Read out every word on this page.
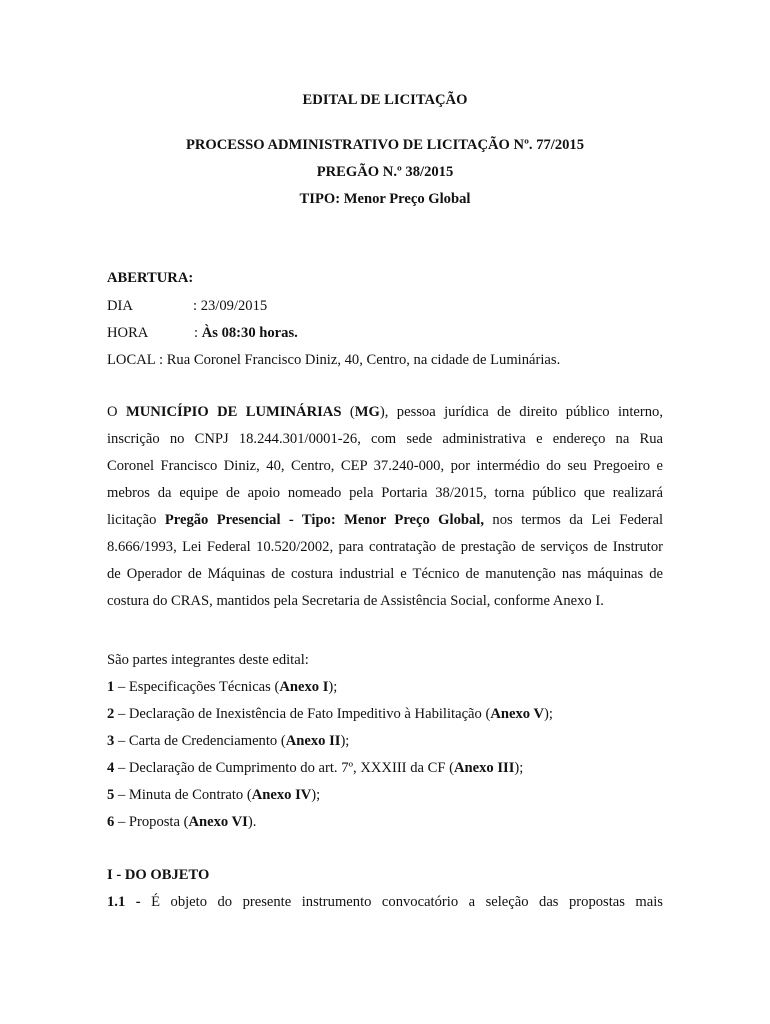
EDITAL DE LICITAÇÃO
PROCESSO ADMINISTRATIVO DE LICITAÇÃO Nº. 77/2015
PREGÃO N.º 38/2015
TIPO: Menor Preço Global
ABERTURA:
DIA	: 23/09/2015
HORA	: Às 08:30 horas.
LOCAL : Rua Coronel Francisco Diniz, 40, Centro, na cidade de Luminárias.
O MUNICÍPIO DE LUMINÁRIAS (MG), pessoa jurídica de direito público interno,
inscrição no CNPJ 18.244.301/0001-26, com sede administrativa e endereço na Rua
Coronel Francisco Diniz, 40, Centro, CEP 37.240-000, por intermédio do seu Pregoeiro e
mebros da equipe de apoio nomeado pela Portaria 38/2015, torna público que realizará
licitação Pregão Presencial - Tipo: Menor Preço Global, nos termos da Lei Federal
8.666/1993, Lei Federal 10.520/2002, para contratação de prestação de serviços de Instrutor
de Operador de Máquinas de costura industrial e Técnico de manutenção nas máquinas de
costura do CRAS, mantidos pela Secretaria de Assistência Social, conforme Anexo I.
São partes integrantes deste edital:
1 – Especificações Técnicas (Anexo I);
2 – Declaração de Inexistência de Fato Impeditivo à Habilitação (Anexo V);
3 – Carta de Credenciamento (Anexo II);
4 – Declaração de Cumprimento do art. 7º, XXXIII da CF (Anexo III);
5 – Minuta de Contrato (Anexo IV);
6 – Proposta (Anexo VI).
I - DO OBJETO
1.1 - É objeto do presente instrumento convocatório a seleção das propostas mais
